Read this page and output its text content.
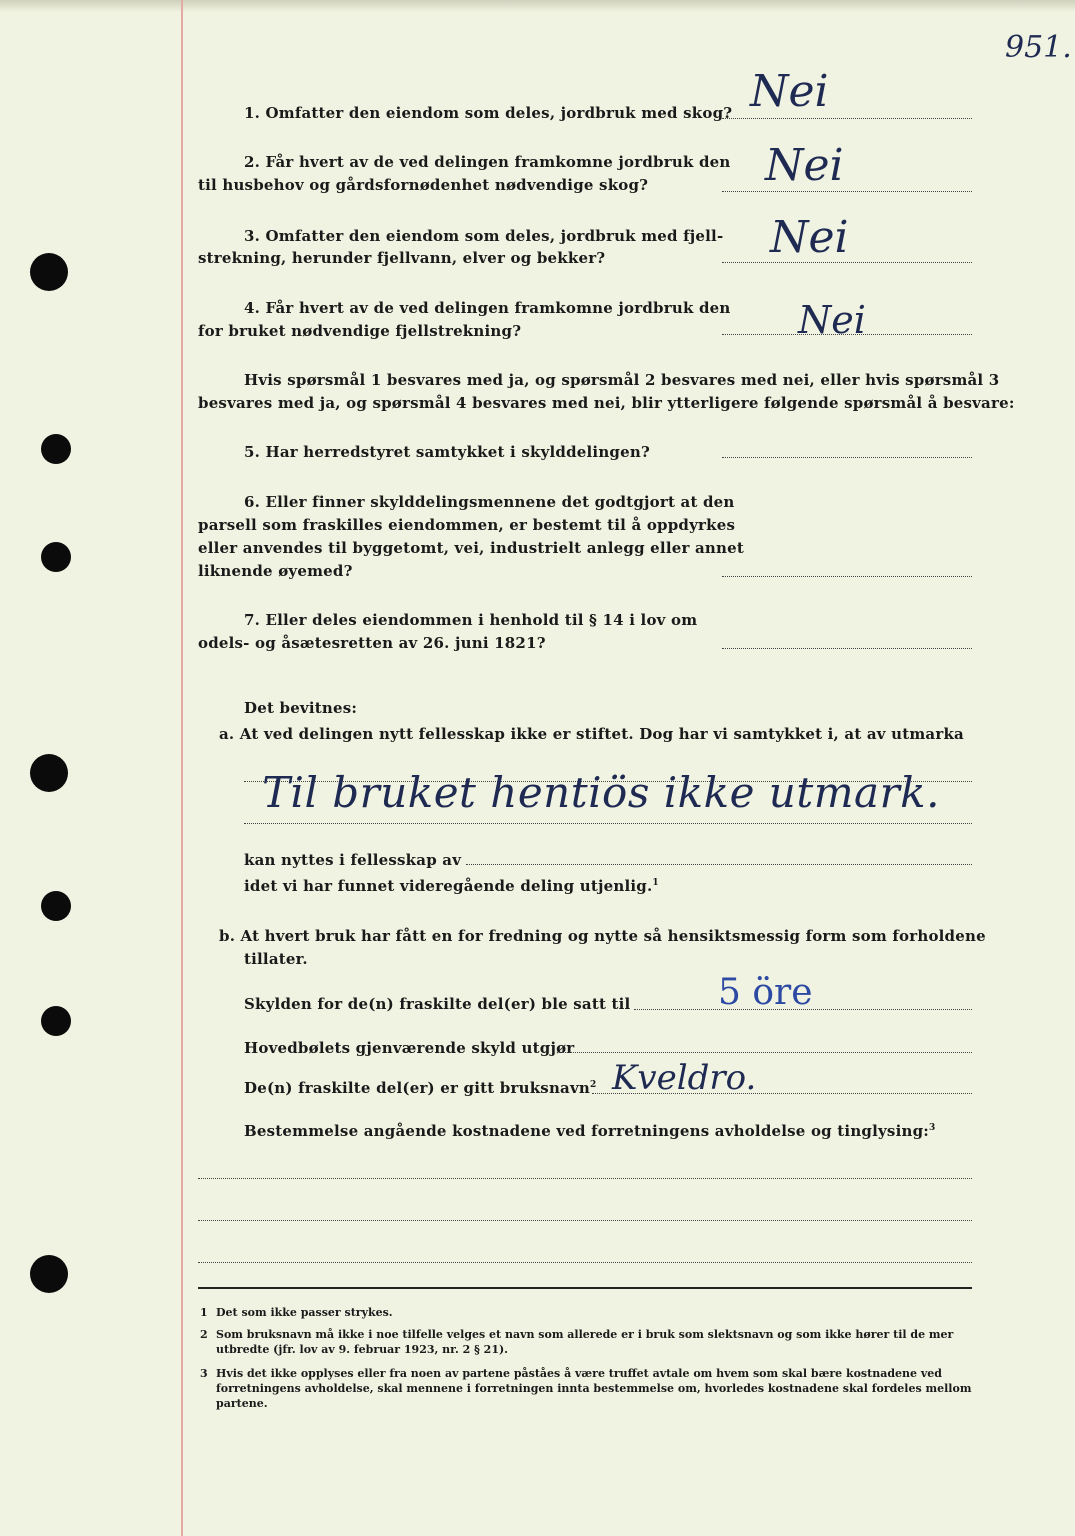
951.
1. Omfatter den eiendom som deles, jordbruk med skog? Nei
2. Får hvert av de ved delingen framkomne jordbruk den
til husbehov og gårdsfornødenhet nødvendige skog?	Nei
3. Omfatter den eiendom som deles, jordbruk med fjell-
strekning, herunder fjellvann, elver og bekker?	Nei
4. Får hvert av de ved delingen framkomne jordbruk den
for bruket nødvendige fjellstrekning?	Nei
Hvis spørsmål 1 besvares med ja, og spørsmål 2 besvares med nei, eller hvis spørsmål 3
besvares med ja, og spørsmål 4 besvares med nei, blir ytterligere følgende spørsmål å besvare:
5. Har herredstyret samtykket i skylddelingen?
6. Eller finner skylddelingsmennene det godtgjort at den
parsell som fraskilles eiendommen, er bestemt til å oppdyrkes
eller anvendes til byggetomt, vei, industrielt anlegg eller annet
liknende øyemed?
7. Eller deles eiendommen i henhold til § 14 i lov om
odels- og åsætesretten av 26. juni 1821?
Det bevitnes:
a. At ved delingen nytt fellesskap ikke er stiftet. Dog har vi samtykket i, at av utmarka
Til bruket hentiös ikke utmark.
kan nyttes i fellesskap av
idet vi har funnet videregående deling utjenlig.$^1$
b. At hvert bruk har fått en for fredning og nytte så hensiktsmessig form som forholdene
tillater.
Skylden for de(n) fraskilte del(er) ble satt til 5 öre
Hovedbølets gjenværende skyld utgjør
De(n) fraskilte del(er) er gitt bruksnavn$^2$ Kveldro.
Bestemmelse angående kostnadene ved forretningens avholdelse og tinglysing:$^3$
1 Det som ikke passer strykes.
2 Som bruksnavn må ikke i noe tilfelle velges et navn som allerede er i bruk som slektsnavn og som ikke hører til de mer utbredte (jfr. lov av 9. februar 1923, nr. 2 § 21).
3 Hvis det ikke opplyses eller fra noen av partene påståes å være truffet avtale om hvem som skal bære kostnadene ved forretningens avholdelse, skal mennene i forretningen innta bestemmelse om, hvorledes kostnadene skal fordeles mellom partene.
